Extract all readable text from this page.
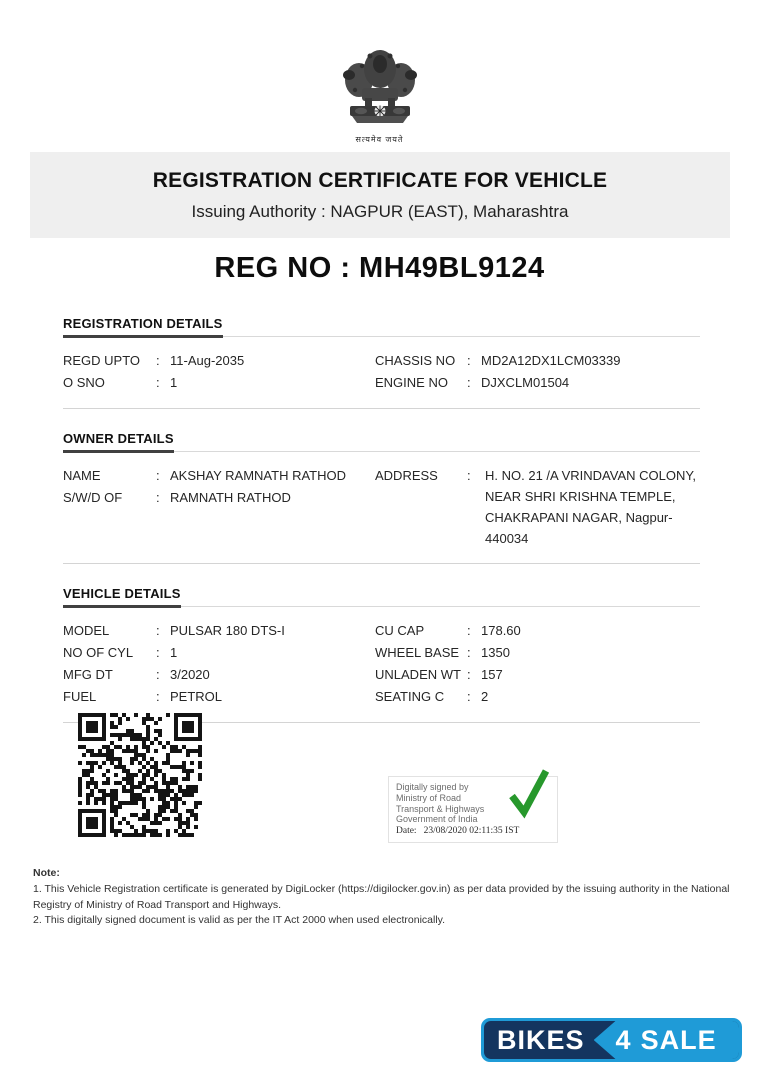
सत्यमेव जयते
REGISTRATION CERTIFICATE FOR VEHICLE
Issuing Authority : NAGPUR (EAST), Maharashtra
REG NO : MH49BL9124
REGISTRATION DETAILS
REGD UPTO	: 11-Aug-2035
O SNO	: 1
CHASSIS NO : MD2A12DX1LCM03339
ENGINE NO	: DJXCLM01504
OWNER DETAILS
NAME	: AKSHAY RAMNATH RATHOD
S/W/D OF	: RAMNATH RATHOD
ADDRESS	:	H. NO. 21 /A VRINDAVAN COLONY,
NEAR SHRI KRISHNA TEMPLE,
CHAKRAPANI NAGAR, Nagpur-440034
VEHICLE DETAILS
MODEL	: PULSAR 180 DTS-I
NO OF CYL	: 1
MFG DT	: 3/2020
FUEL	: PETROL
CU CAP	: 178.60
WHEEL BASE : 1350
UNLADEN WT : 157
SEATING C	: 2
Digitally signed by
Ministry of Road
Transport & Highways
Government of India
Date: 23/08/2020 02:11:35 IST
Note:
1. This Vehicle Registration certificate is generated by DigiLocker (https://digilocker.gov.in) as per data provided by the issuing authority in the National Registry of Ministry of Road Transport and Highways.
2. This digitally signed document is valid as per the IT Act 2000 when used electronically.
BIKES 4 SALE
